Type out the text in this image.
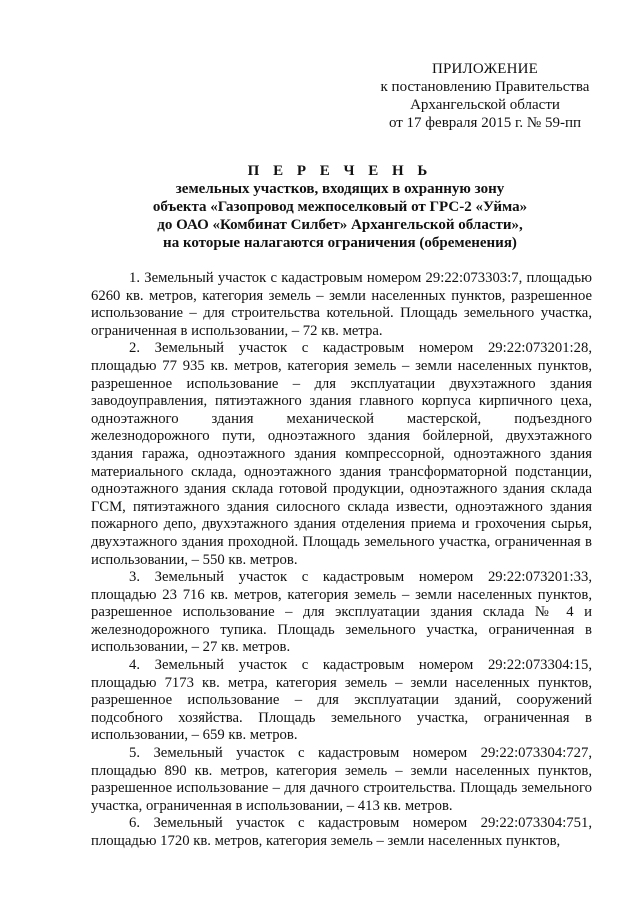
ПРИЛОЖЕНИЕ
к постановлению Правительства
Архангельской области
от 17 февраля 2015 г. № 59-пп
П Е Р Е Ч Е Н Ь
земельных участков, входящих в охранную зону
объекта «Газопровод межпоселковый от ГРС-2 «Уйма»
до ОАО «Комбинат Силбет» Архангельской области»,
на которые налагаются ограничения (обременения)

1. Земельный участок с кадастровым номером 29:22:073303:7, площадью 6260 кв. метров, категория земель – земли населенных пунктов, разрешенное использование – для строительства котельной. Площадь земельного участка, ограниченная в использовании, – 72 кв. метра.

2. Земельный участок с кадастровым номером 29:22:073201:28, площадью 77 935 кв. метров, категория земель – земли населенных пунктов, разрешенное использование – для эксплуатации двухэтажного здания заводоуправления, пятиэтажного здания главного корпуса кирпичного цеха, одноэтажного здания механической мастерской, подъездного железнодорожного пути, одноэтажного здания бойлерной, двухэтажного здания гаража, одноэтажного здания компрессорной, одноэтажного здания материального склада, одноэтажного здания трансформаторной подстанции, одноэтажного здания склада готовой продукции, одноэтажного здания склада ГСМ, пятиэтажного здания силосного склада извести, одноэтажного здания пожарного депо, двухэтажного здания отделения приема и грохочения сырья, двухэтажного здания проходной. Площадь земельного участка, ограниченная в использовании, – 550 кв. метров.

3. Земельный участок с кадастровым номером 29:22:073201:33, площадью 23 716 кв. метров, категория земель – земли населенных пунктов, разрешенное использование – для эксплуатации здания склада № 4 и железнодорожного тупика. Площадь земельного участка, ограниченная в использовании, – 27 кв. метров.

4. Земельный участок с кадастровым номером 29:22:073304:15, площадью 7173 кв. метра, категория земель – земли населенных пунктов, разрешенное использование – для эксплуатации зданий, сооружений подсобного хозяйства. Площадь земельного участка, ограниченная в использовании, – 659 кв. метров.

5. Земельный участок с кадастровым номером 29:22:073304:727, площадью 890 кв. метров, категория земель – земли населенных пунктов, разрешенное использование – для дачного строительства. Площадь земельного участка, ограниченная в использовании, – 413 кв. метров.

6. Земельный участок с кадастровым номером 29:22:073304:751, площадью 1720 кв. метров, категория земель – земли населенных пунктов,
